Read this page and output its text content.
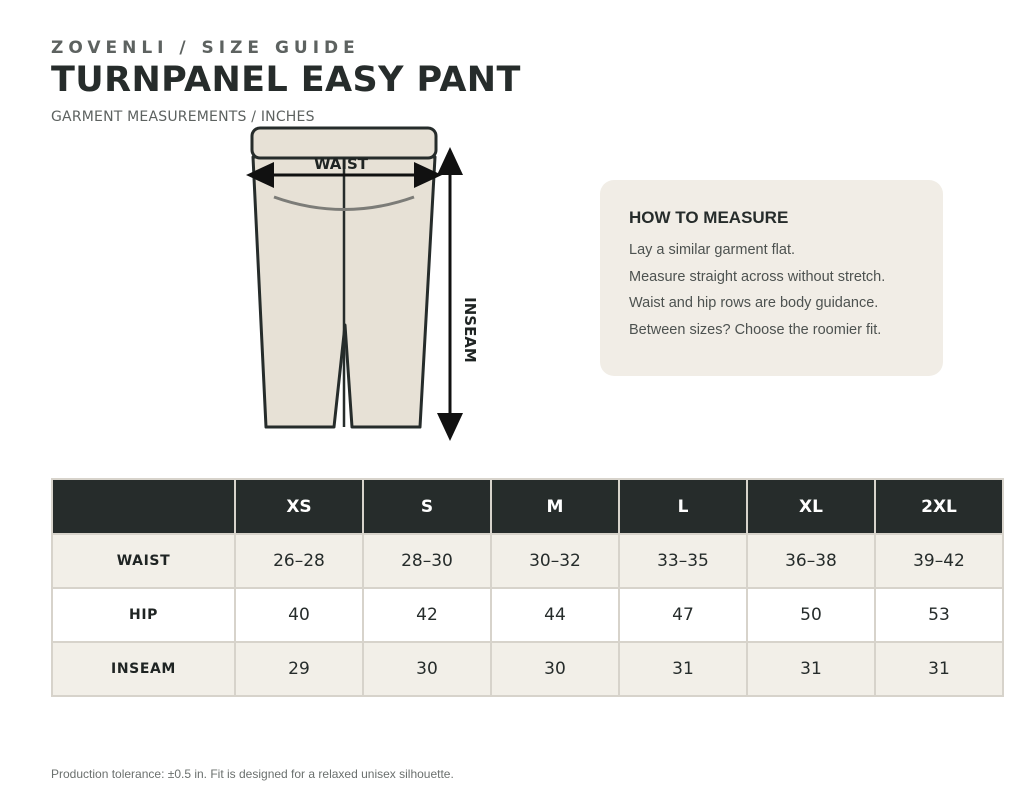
ZOVENLI / SIZE GUIDE
TURNPANEL EASY PANT
GARMENT MEASUREMENTS / INCHES
WAIST
INSEAM
HOW TO MEASURE
Lay a similar garment flat.
Measure straight across without stretch.
Waist and hip rows are body guidance.
Between sizes? Choose the roomier fit.
	XS	S	M	L	XL	2XL
WAIST	26–28	28–30	30–32	33–35	36–38	39–42
HIP	40	42	44	47	50	53
INSEAM	29	30	30	31	31	31
Production tolerance: ±0.5 in. Fit is designed for a relaxed unisex silhouette.
